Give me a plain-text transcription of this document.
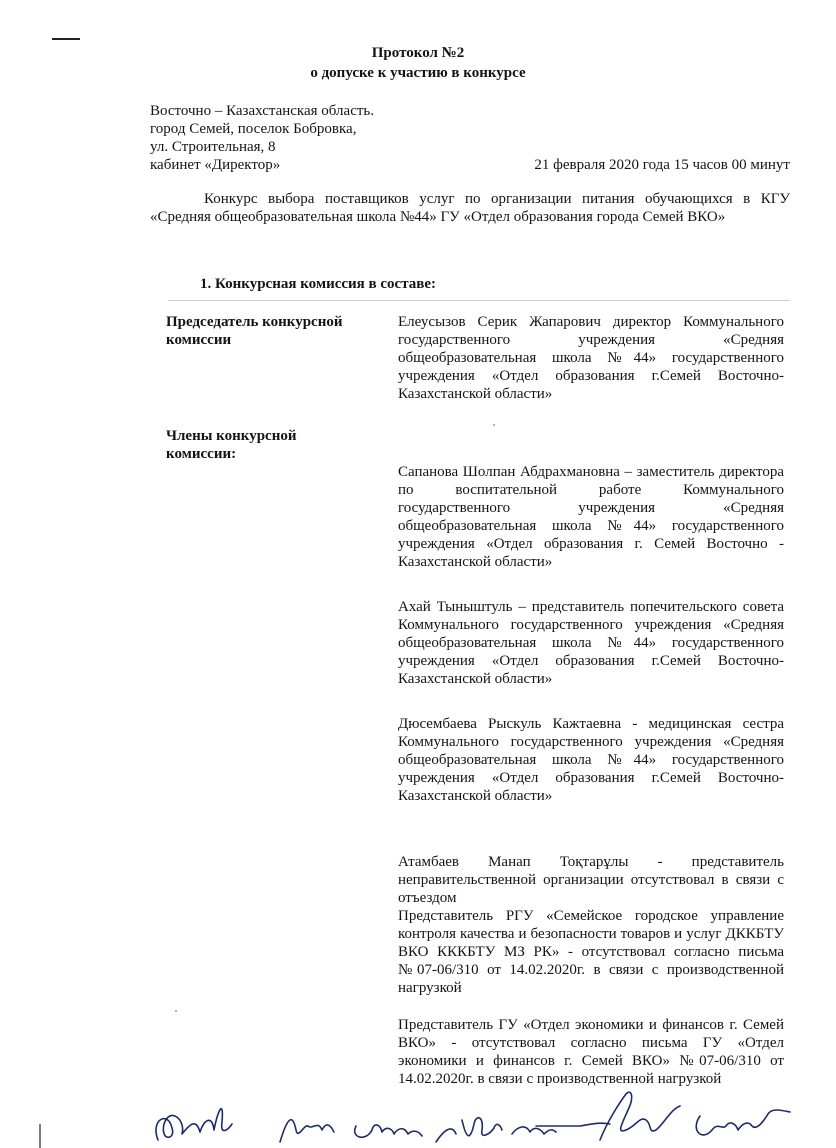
Протокол №2
о допуске к участию в конкурсе
Восточно – Казахстанская область.
город Семей, поселок Бобровка,
ул. Строительная, 8
кабинет «Директор»	21 февраля 2020 года 15 часов 00 минут

Конкурс выбора поставщиков услуг по организации питания обучающихся в КГУ «Средняя общеобразовательная школа №44» ГУ «Отдел образования города Семей ВКО»

1. Конкурсная комиссия в составе:
Председатель конкурсной комиссии

Елеусызов Серик Жапарович директор Коммунального государственного учреждения «Средняя общеобразовательная школа №44» государственного учреждения «Отдел образования г.Семей Восточно-Казахстанской области»

Члены конкурсной комиссии:

Сапанова Шолпан Абдрахмановна – заместитель директора по воспитательной работе Коммунального государственного учреждения «Средняя общеобразовательная школа №44» государственного учреждения «Отдел образования г. Семей Восточно - Казахстанской области»

Ахай Тыныштуль – представитель попечительского совета Коммунального государственного учреждения «Средняя общеобразовательная школа №44» государственного учреждения «Отдел образования г.Семей Восточно-Казахстанской области»

Дюсембаева Рыскуль Кажтаевна - медицинская сестра Коммунального государственного учреждения «Средняя общеобразовательная школа №44» государственного учреждения «Отдел образования г.Семей Восточно-Казахстанской области»

Атамбаев Манап Тоқтарұлы - представитель неправительственной организации отсутствовал в связи с отъездом

Представитель РГУ «Семейское городское управление контроля качества и безопасности товаров и услуг ДККБТУ ВКО КККБТУ МЗ РК» - отсутствовал согласно письма №07-06/310 от 14.02.2020г. в связи с производственной нагрузкой

Представитель ГУ «Отдел экономики и финансов г. Семей ВКО» - отсутствовал согласно письма ГУ «Отдел экономики и финансов г. Семей ВКО» №07-06/310 от 14.02.2020г. в связи с производственной нагрузкой
